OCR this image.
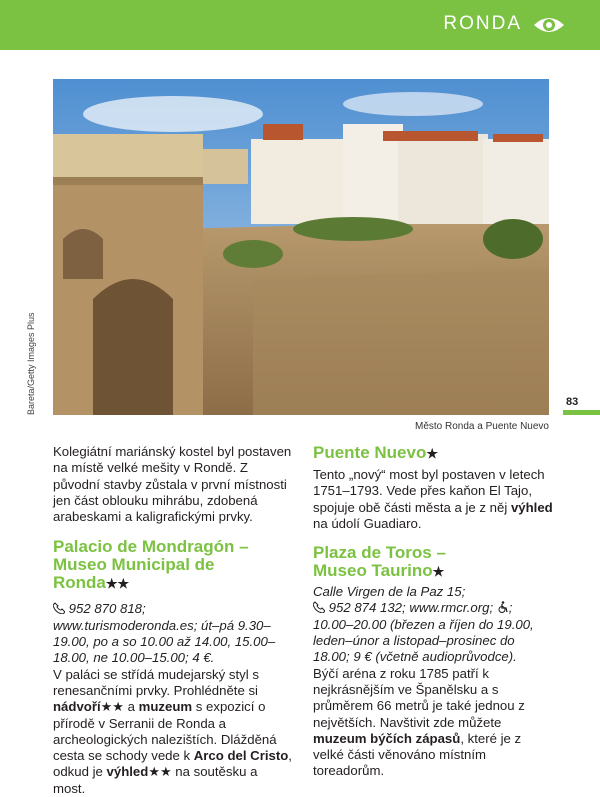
RONDA
Bareta/Getty Images Plus
Město Ronda a Puente Nuevo
83

Kolegiátní mariánský kostel byl postaven na místě velké mešity v Rondě. Z původní stavby zůstala v první místnosti jen část oblouku mihrábu, zdobená arabeskami a kaligrafickými prvky.

Palacio de Mondragón –
Museo Municipal de
Ronda★★

952 870 818; www.turismoderonda.es; út–pá 9.30–19.00, po a so 10.00 až 14.00, 15.00–18.00, ne 10.00–15.00; 4 €.

V paláci se střídá mudejarský styl s renesančními prvky. Prohlédněte si nádvoří★★ a muzeum s expozicí o přírodě v Serranii de Ronda a archeologických nalezištích. Dlážděná cesta se schody vede k Arco del Cristo, odkud je výhled★★ na soutěsku a most.

Puente Nuevo★

Tento „nový“ most byl postaven v letech 1751–1793. Vede přes kaňon El Tajo, spojuje obě části města a je z něj výhled na údolí Guadiaro.

Plaza de Toros –
Museo Taurino★

Calle Virgen de la Paz 15;
952 874 132; www.rmcr.org; ;
10.00–20.00 (březen a říjen do 19.00, leden–únor a listopad–prosinec do 18.00; 9 € (včetně audioprůvodce).

Býčí aréna z roku 1785 patří k nejkrásnějším ve Španělsku a s průměrem 66 metrů je také jednou z největších. Navštivit zde můžete muzeum býčích zápasů, které je z velké části věnováno místním toreadorům.
